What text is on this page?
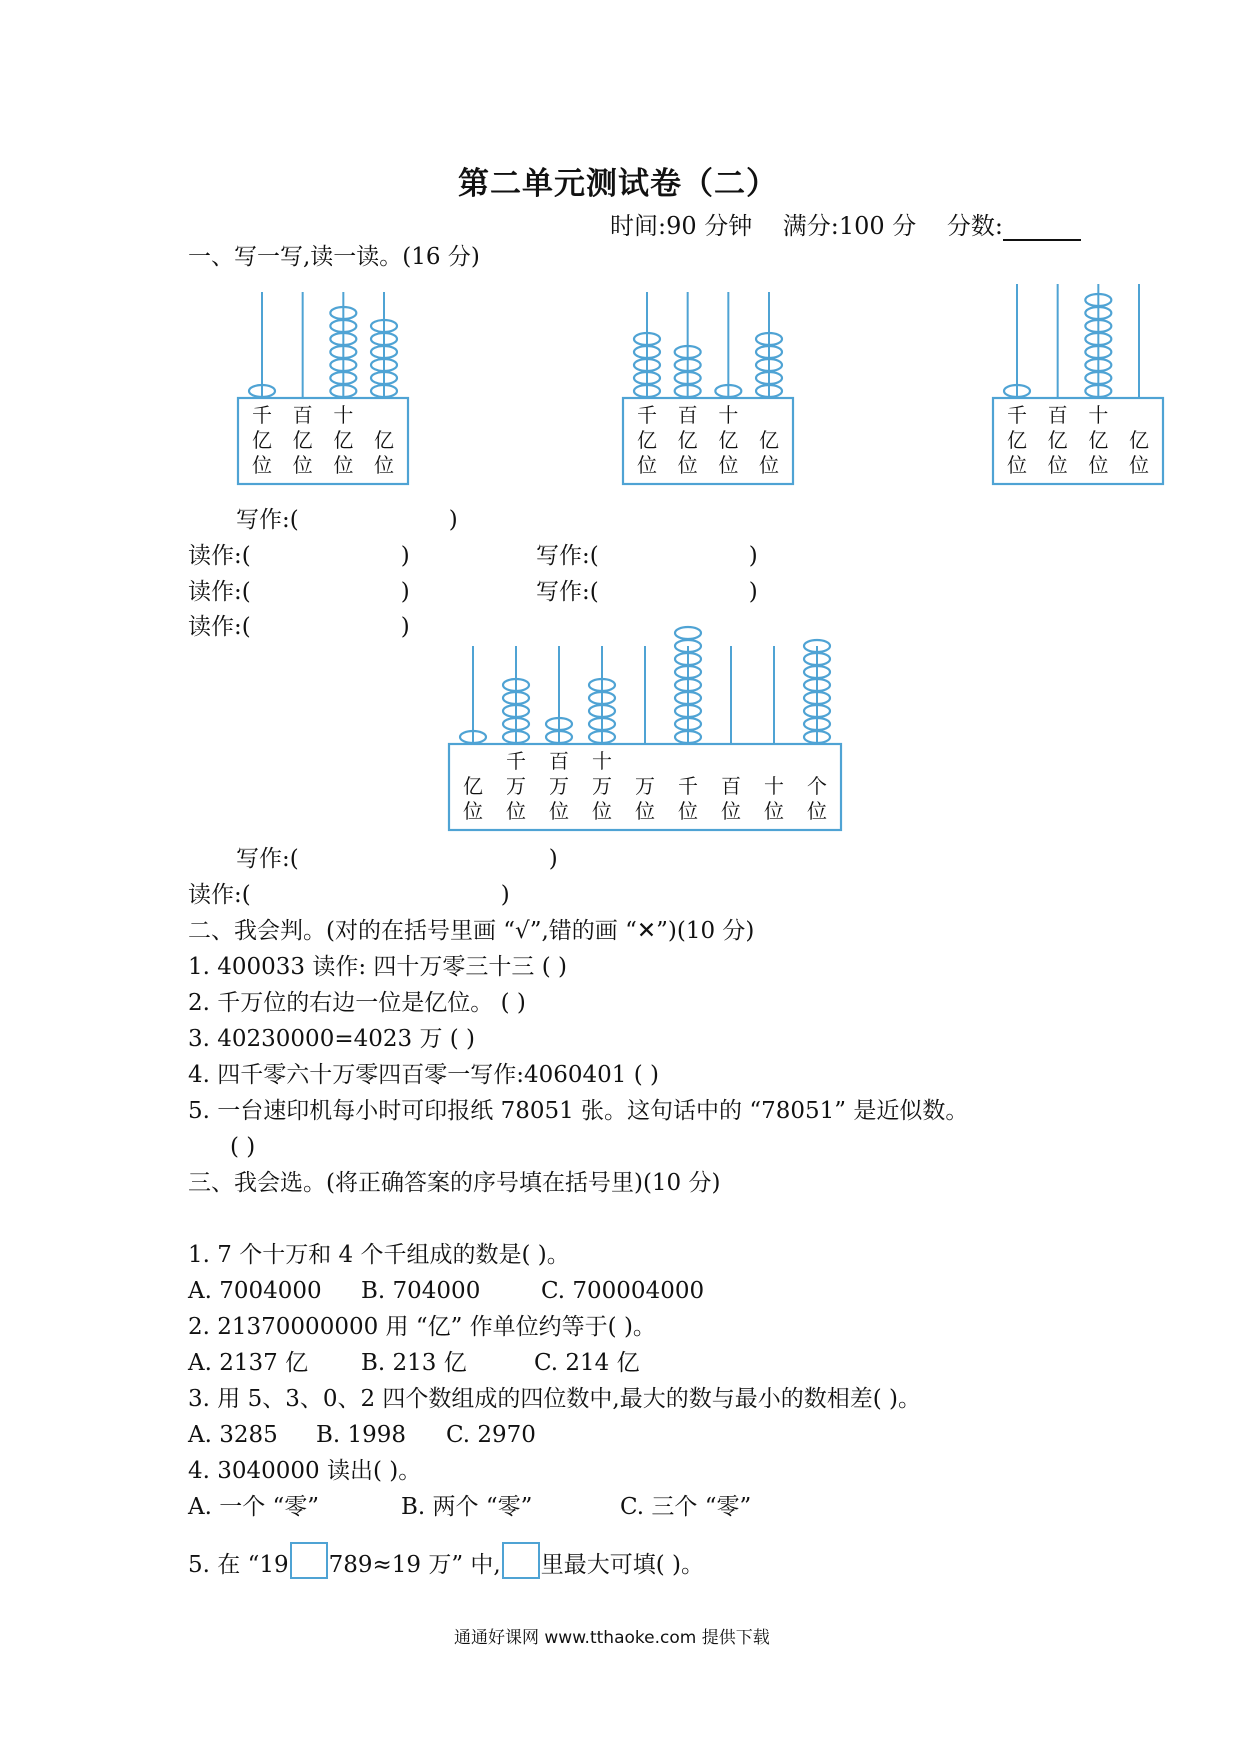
第二单元测试卷（二）
时间:90 分钟 满分:100 分 分数:
一、写一写,读一读。(16 分)
千
亿
位
百
亿
位
十
亿
位
亿
位
千
亿
位
百
亿
位
十
亿
位
亿
位
千
亿
位
百
亿
位
十
亿
位
亿
位
写作:(	)
读作:(	)	写作:(	)
读作:(	)	写作:(	)
读作:(	)
亿
位
千
万
位
百
万
位
十
万
位
万
位
千
位
百
位
十
位
个
位
写作:(	)
读作:(	)
二、我会判。(对的在括号里画 “√”,错的画 “✕”)(10 分)
1. 400033 读作: 四十万零三十三 ( )
2. 千万位的右边一位是亿位。 ( )
3. 40230000=4023 万 ( )
4. 四千零六十万零四百零一写作:4060401 ( )
5. 一台速印机每小时可印报纸 78051 张。这句话中的 “78051” 是近似数。
( )
三、我会选。(将正确答案的序号填在括号里)(10 分)
1. 7 个十万和 4 个千组成的数是( )。
A. 7004000 B. 704000	C. 700004000
2. 21370000000 用 “亿” 作单位约等于( )。
A. 2137 亿 B. 213 亿	C. 214 亿
3. 用 5、3、0、2 四个数组成的四位数中,最大的数与最小的数相差( )。
A. 3285 B. 1998 C. 2970
4. 3040000 读出( )。
A. 一个 “零”	B. 两个 “零”	C. 三个 “零”
5. 在 “19 789≈19 万” 中, 里最大可填( )。
通通好课网 www.tthaoke.com 提供下载
